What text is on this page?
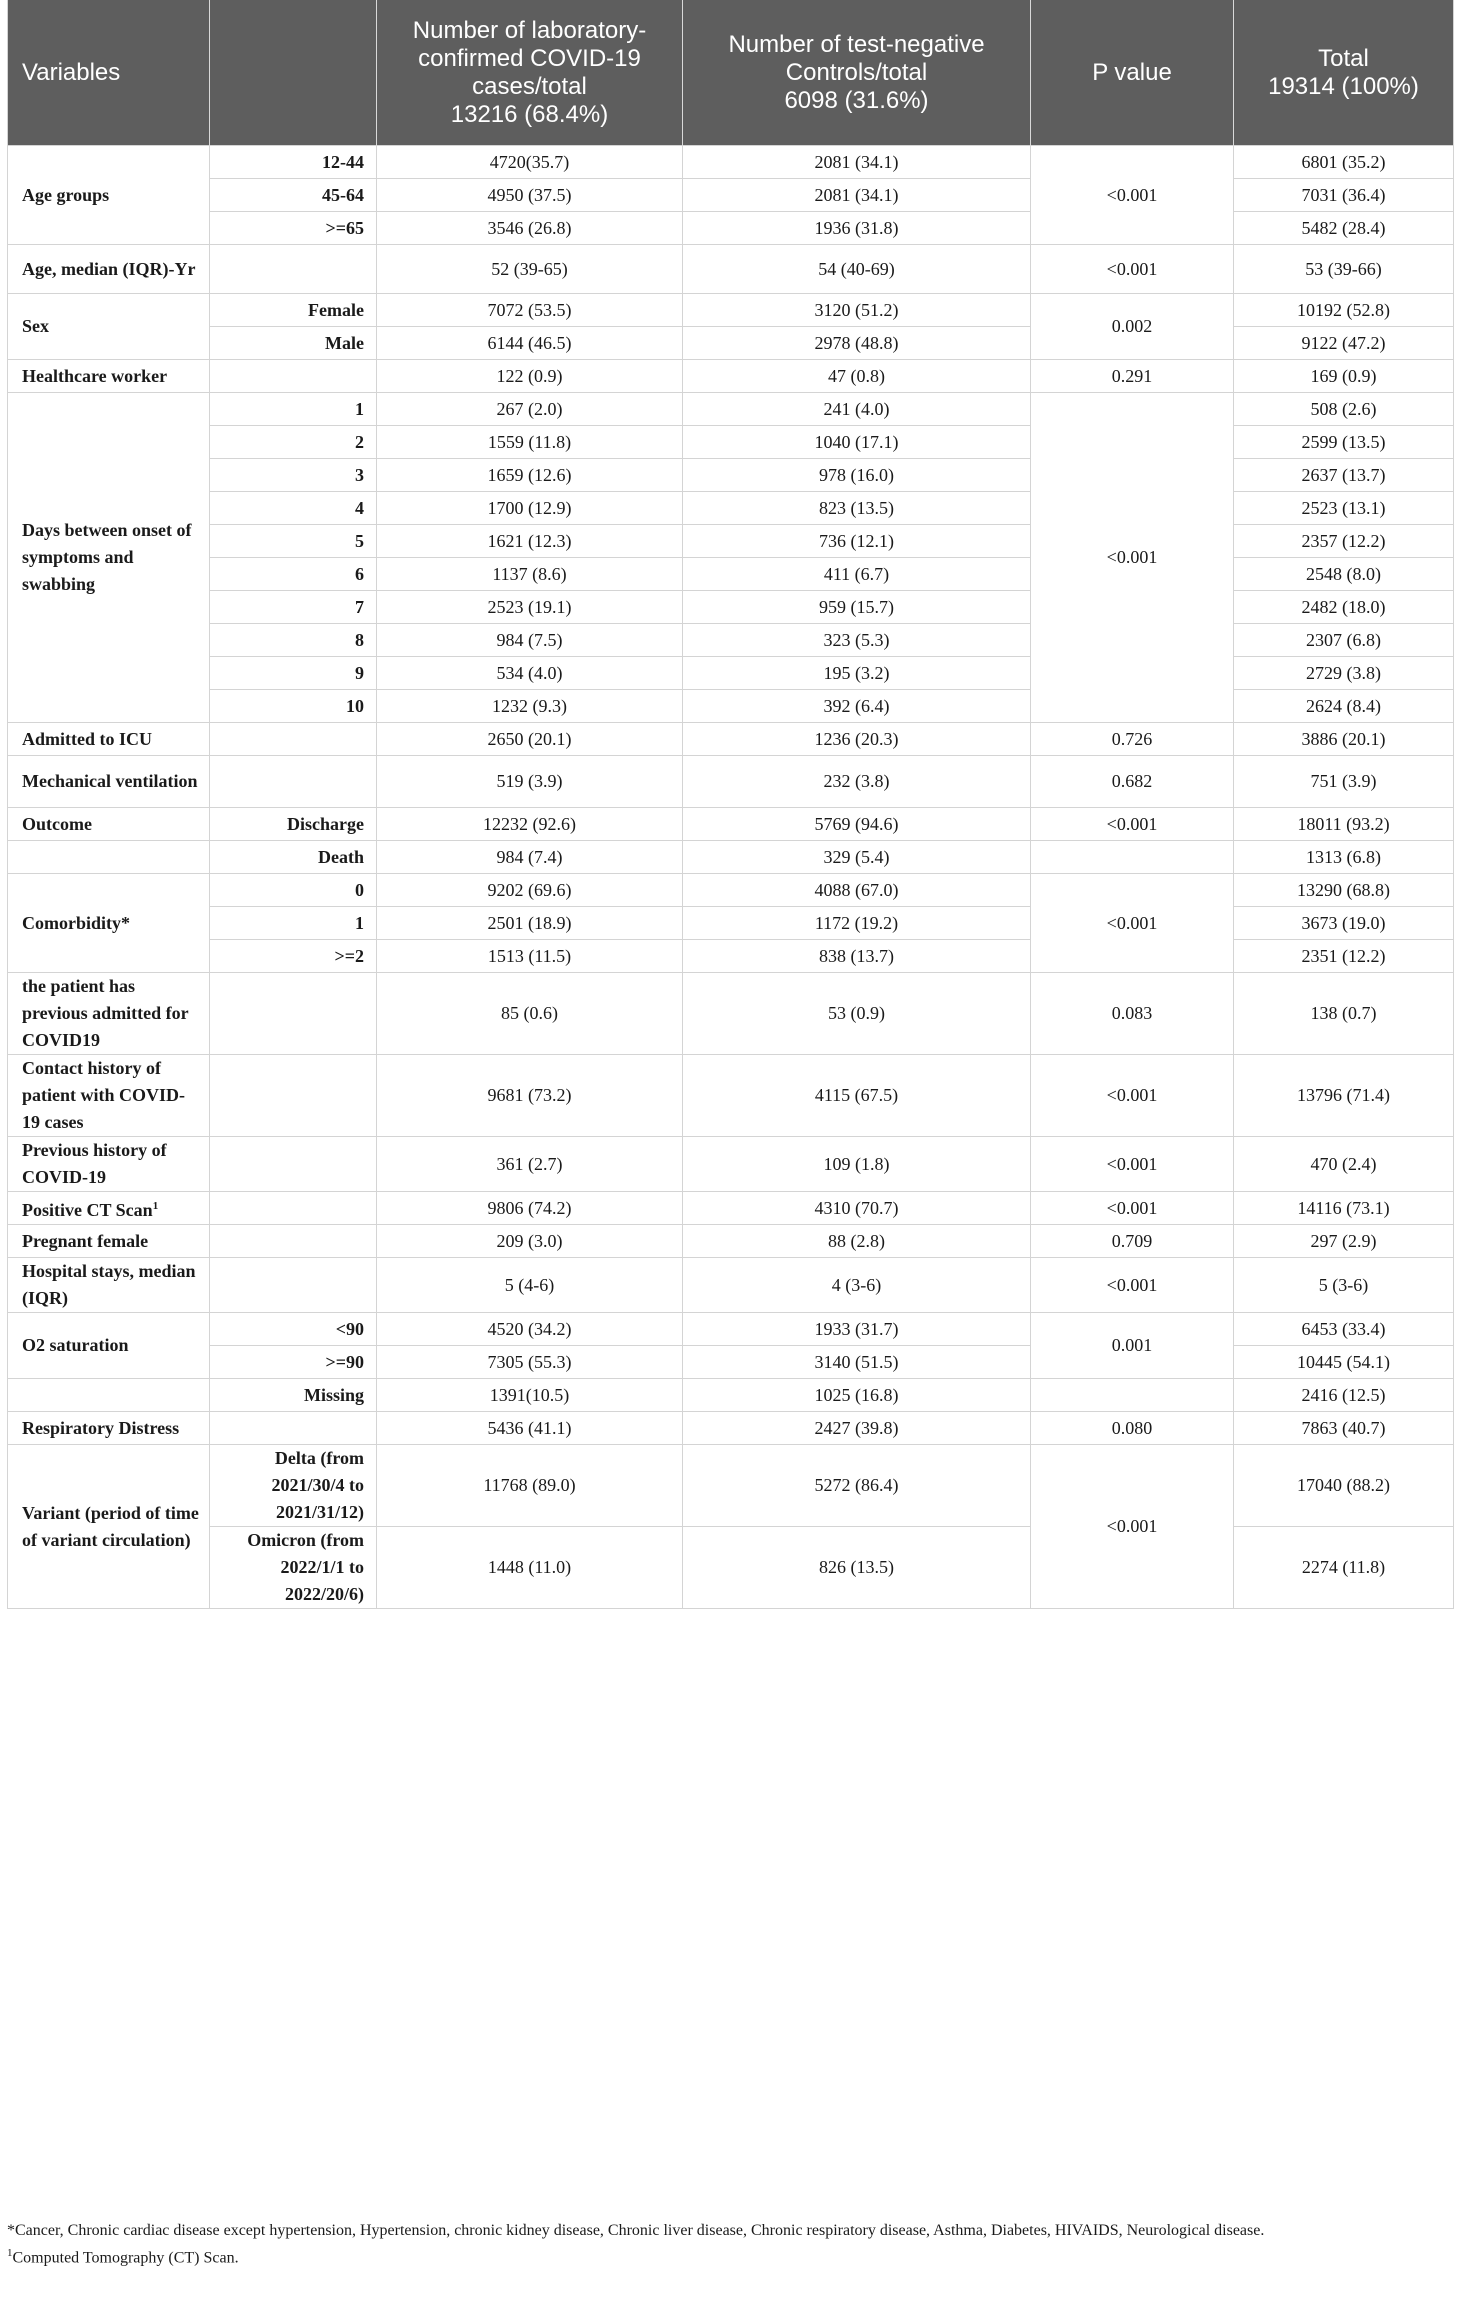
Variables		Number of laboratory-
confirmed COVID-19
cases/total
13216 (68.4%)	Number of test-negative
Controls/total
6098 (31.6%)	P value	Total
19314 (100%)
Age groups	12-44	4720(35.7)	2081 (34.1)	<0.001	6801 (35.2)
	45-64	4950 (37.5)	2081 (34.1)		7031 (36.4)
	>=65	3546 (26.8)	1936 (31.8)		5482 (28.4)
Age, median (IQR)-Yr		52 (39-65)	54 (40-69)	<0.001	53 (39-66)
Sex	Female	7072 (53.5)	3120 (51.2)	0.002	10192 (52.8)
	Male	6144 (46.5)	2978 (48.8)		9122 (47.2)
Healthcare worker		122 (0.9)	47 (0.8)	0.291	169 (0.9)
Days between onset of symptoms and swabbing	1	267 (2.0)	241 (4.0)	<0.001	508 (2.6)
	2	1559 (11.8)	1040 (17.1)		2599 (13.5)
	3	1659 (12.6)	978 (16.0)		2637 (13.7)
	4	1700 (12.9)	823 (13.5)		2523 (13.1)
	5	1621 (12.3)	736 (12.1)		2357 (12.2)
	6	1137 (8.6)	411 (6.7)		2548 (8.0)
	7	2523 (19.1)	959 (15.7)		2482 (18.0)
	8	984 (7.5)	323 (5.3)		2307 (6.8)
	9	534 (4.0)	195 (3.2)		2729 (3.8)
	10	1232 (9.3)	392 (6.4)		2624 (8.4)
Admitted to ICU		2650 (20.1)	1236 (20.3)	0.726	3886 (20.1)
Mechanical ventilation		519 (3.9)	232 (3.8)	0.682	751 (3.9)
Outcome	Discharge	12232 (92.6)	5769 (94.6)	<0.001	18011 (93.2)
	Death	984 (7.4)	329 (5.4)		1313 (6.8)
Comorbidity*	0	9202 (69.6)	4088 (67.0)	<0.001	13290 (68.8)
	1	2501 (18.9)	1172 (19.2)		3673 (19.0)
	>=2	1513 (11.5)	838 (13.7)		2351 (12.2)
the patient has previous admitted for COVID19		85 (0.6)	53 (0.9)	0.083	138 (0.7)
Contact history of patient with COVID-19 cases		9681 (73.2)	4115 (67.5)	<0.001	13796 (71.4)
Previous history of COVID-19		361 (2.7)	109 (1.8)	<0.001	470 (2.4)
Positive CT Scan$^1$		9806 (74.2)	4310 (70.7)	<0.001	14116 (73.1)
Pregnant female		209 (3.0)	88 (2.8)	0.709	297 (2.9)
Hospital stays, median (IQR)		5 (4-6)	4 (3-6)	<0.001	5 (3-6)
O2 saturation	<90	4520 (34.2)	1933 (31.7)	0.001	6453 (33.4)
	>=90	7305 (55.3)	3140 (51.5)		10445 (54.1)
	Missing	1391(10.5)	1025 (16.8)		2416 (12.5)
Respiratory Distress		5436 (41.1)	2427 (39.8)	0.080	7863 (40.7)
Variant (period of time of variant circulation)	Delta (from 2021/30/4 to 2021/31/12)	11768 (89.0)	5272 (86.4)	<0.001	17040 (88.2)
	Omicron (from 2022/1/1 to 2022/20/6)	1448 (11.0)	826 (13.5)		2274 (11.8)

*Cancer, Chronic cardiac disease except hypertension, Hypertension, chronic kidney disease, Chronic liver disease, Chronic respiratory disease, Asthma, Diabetes, HIVAIDS, Neurological disease.

$^1$Computed Tomography (CT) Scan.
